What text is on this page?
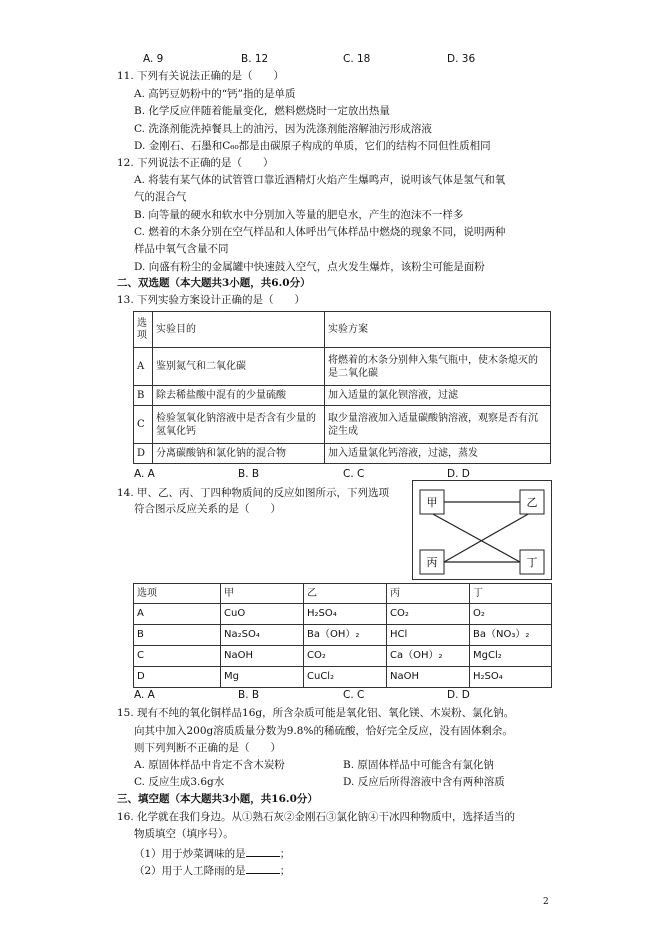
A. 9	B. 12	C. 18	D. 36
11. 下列有关说法正确的是（　　）
A. 高钙豆奶粉中的“钙”指的是单质
B. 化学反应伴随着能量变化，燃料燃烧时一定放出热量
C. 洗涤剂能洗掉餐具上的油污，因为洗涤剂能溶解油污形成溶液
D. 金刚石、石墨和C₆₀都是由碳原子构成的单质，它们的结构不同但性质相同
12. 下列说法不正确的是（　　）
A. 将装有某气体的试管管口靠近酒精灯火焰产生爆鸣声，说明该气体是氢气和氧
气的混合气
B. 向等量的硬水和软水中分别加入等量的肥皂水，产生的泡沫不一样多
C. 燃着的木条分别在空气样品和人体呼出气体样品中燃烧的现象不同，说明两种
样品中氧气含量不同
D. 向盛有粉尘的金属罐中快速鼓入空气，点火发生爆炸，该粉尘可能是面粉
二、双选题（本大题共3小题，共6.0分）
13. 下列实验方案设计正确的是（　　）
选项	实验目的	实验方案
A	鉴别氮气和二氧化碳	将燃着的木条分别伸入集气瓶中，使木条熄灭的是二氧化碳
B	除去稀盐酸中混有的少量硫酸	加入适量的氯化钡溶液，过滤
C	检验氢氧化钠溶液中是否含有少量的氢氧化钙	取少量溶液加入适量碳酸钠溶液，观察是否有沉淀生成
D	分离碳酸钠和氯化钠的混合物	加入适量氯化钙溶液，过滤，蒸发
A. A	B. B	C. C	D. D
14. 甲、乙、丙、丁四种物质间的反应如图所示，下列选项
符合图示反应关系的是（　　）	甲	乙
丙	丁
选项	甲	乙	丙	丁
A	CuO	H₂SO₄	CO₂	O₂
B	Na₂SO₄	Ba（OH）₂	HCl	Ba（NO₃）₂
C	NaOH	CO₂	Ca（OH）₂	MgCl₂
D	Mg	CuCl₂	NaOH	H₂SO₄
A. A	B. B	C. C	D. D
15. 现有不纯的氧化铜样品16g，所含杂质可能是氧化铝、氧化镁、木炭粉、氯化钠。
向其中加入200g溶质质量分数为9.8%的稀硫酸，恰好完全反应，没有固体剩余。
则下列判断不正确的是（　　）
A. 原固体样品中肯定不含木炭粉	B. 原固体样品中可能含有氯化钠
C. 反应生成3.6g水	D. 反应后所得溶液中含有两种溶质
三、填空题（本大题共3小题，共16.0分）
16. 化学就在我们身边。从①熟石灰②金刚石③氯化钠④干冰四种物质中，选择适当的
物质填空（填序号）。
（1）用于炒菜调味的是	；
（2）用于人工降雨的是	；
2
